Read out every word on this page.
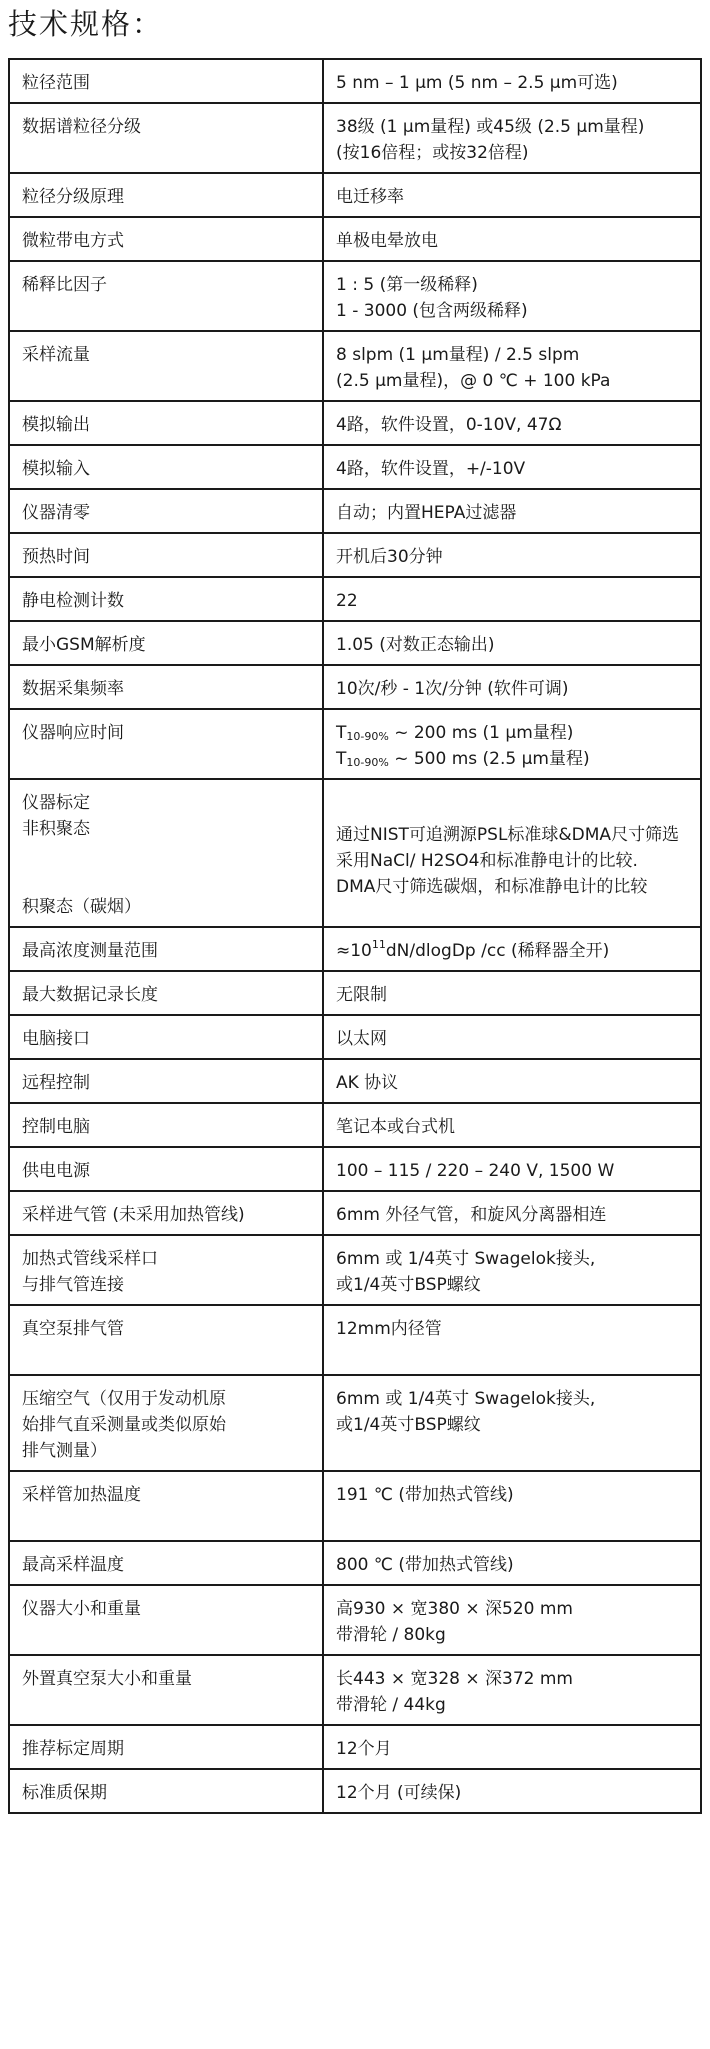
技术规格：
粒径范围	5 nm – 1 μm (5 nm – 2.5 μm可选)

数据谱粒径分级	38级 (1 μm量程) 或45级 (2.5 μm量程)
(按16倍程；或按32倍程)

粒径分级原理	电迁移率

微粒带电方式	单极电晕放电

稀释比因子	1 : 5 (第一级稀释)
1 - 3000 (包含两级稀释)

采样流量	8 slpm (1 μm量程) / 2.5 slpm
(2.5 μm量程)，@ 0 ℃ + 100 kPa

模拟输出	4路，软件设置，0-10V, 47Ω

模拟输入	4路，软件设置，+/-10V

仪器清零	自动；内置HEPA过滤器

预热时间	开机后30分钟

静电检测计数	22

最小GSM解析度	1.05 (对数正态输出)

数据采集频率	10次/秒 - 1次/分钟 (软件可调)

仪器响应时间	$T_{10-90\%}$ ~ 200 ms (1 μm量程)
$T_{10-90\%}$ ~ 500 ms (2.5 μm量程)

仪器标定
非积聚态
积聚态（碳烟）	通过NIST可追溯源PSL标准球&DMA尺寸筛选采用NaCl/ H2SO4和标准静电计的比较.
DMA尺寸筛选碳烟，和标准静电计的比较

最高浓度测量范围	$\approx 10^{11}dN$/dlogDp /cc (稀释器全开)

最大数据记录长度	无限制

电脑接口	以太网

远程控制	AK 协议

控制电脑	笔记本或台式机

供电电源	100 – 115 / 220 – 240 V, 1500 W

采样进气管 (未采用加热管线)	6mm 外径气管，和旋风分离器相连

加热式管线采样口
与排气管连接	6mm 或 1/4英寸 Swagelok接头,
或1/4英寸BSP螺纹

真空泵排气管	12mm内径管

压缩空气（仅用于发动机原
始排气直采测量或类似原始
排气测量）	6mm 或 1/4英寸 Swagelok接头,
或1/4英寸BSP螺纹

采样管加热温度	191 ℃ (带加热式管线)

最高采样温度	800 ℃ (带加热式管线)

仪器大小和重量	高930 × 宽380 × 深520 mm
带滑轮 / 80kg

外置真空泵大小和重量	长443 × 宽328 × 深372 mm
带滑轮 / 44kg

推荐标定周期	12个月

标准质保期	12个月 (可续保)
